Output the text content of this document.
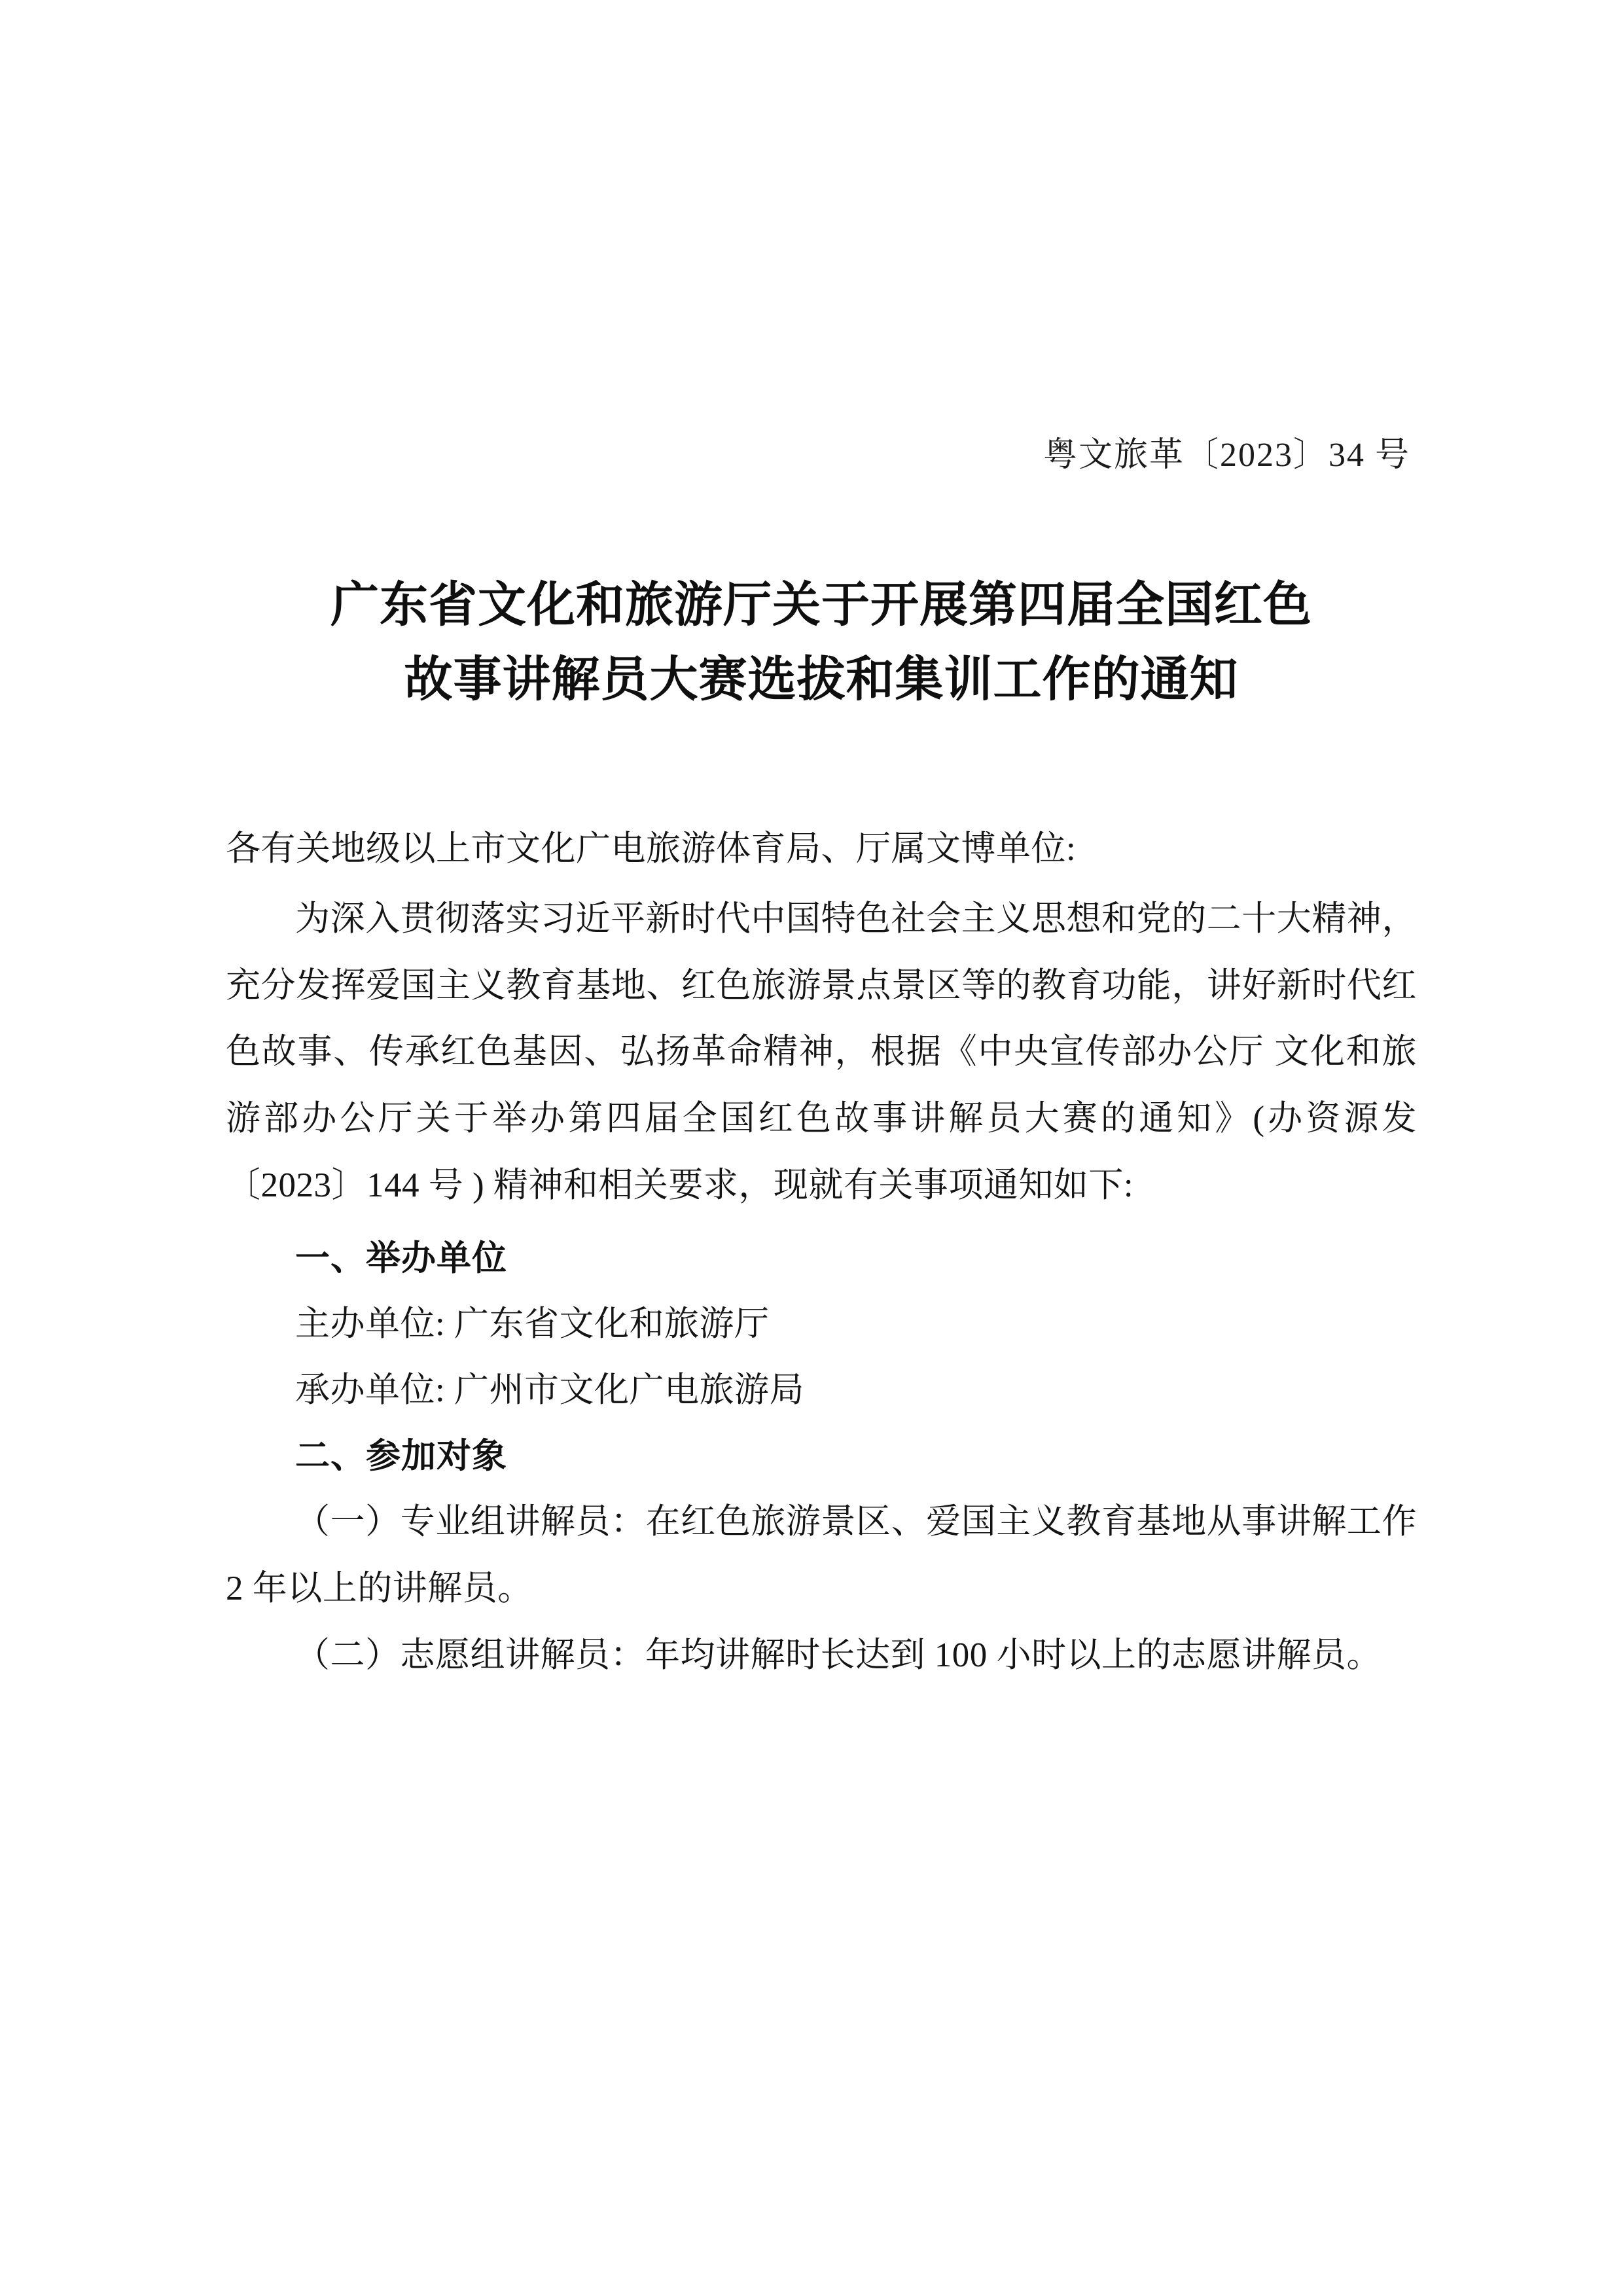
粤文旅革〔2023〕34 号
广东省文化和旅游厅关于开展第四届全国红色
故事讲解员大赛选拔和集训工作的通知
各有关地级以上市文化广电旅游体育局、厅属文博单位:

为深入贯彻落实习近平新时代中国特色社会主义思想和党的二十大精神，充分发挥爱国主义教育基地、红色旅游景点景区等的教育功能，讲好新时代红色故事、传承红色基因、弘扬革命精神，根据《中央宣传部办公厅 文化和旅游部办公厅关于举办第四届全国红色故事讲解员大赛的通知》(办资源发〔2023〕144 号 ) 精神和相关要求，现就有关事项通知如下:

一、举办单位

主办单位: 广东省文化和旅游厅

承办单位: 广州市文化广电旅游局

二、参加对象

（一）专业组讲解员：在红色旅游景区、爱国主义教育基地从事讲解工作 2 年以上的讲解员。

（二）志愿组讲解员：年均讲解时长达到 100 小时以上的志愿讲解员。
